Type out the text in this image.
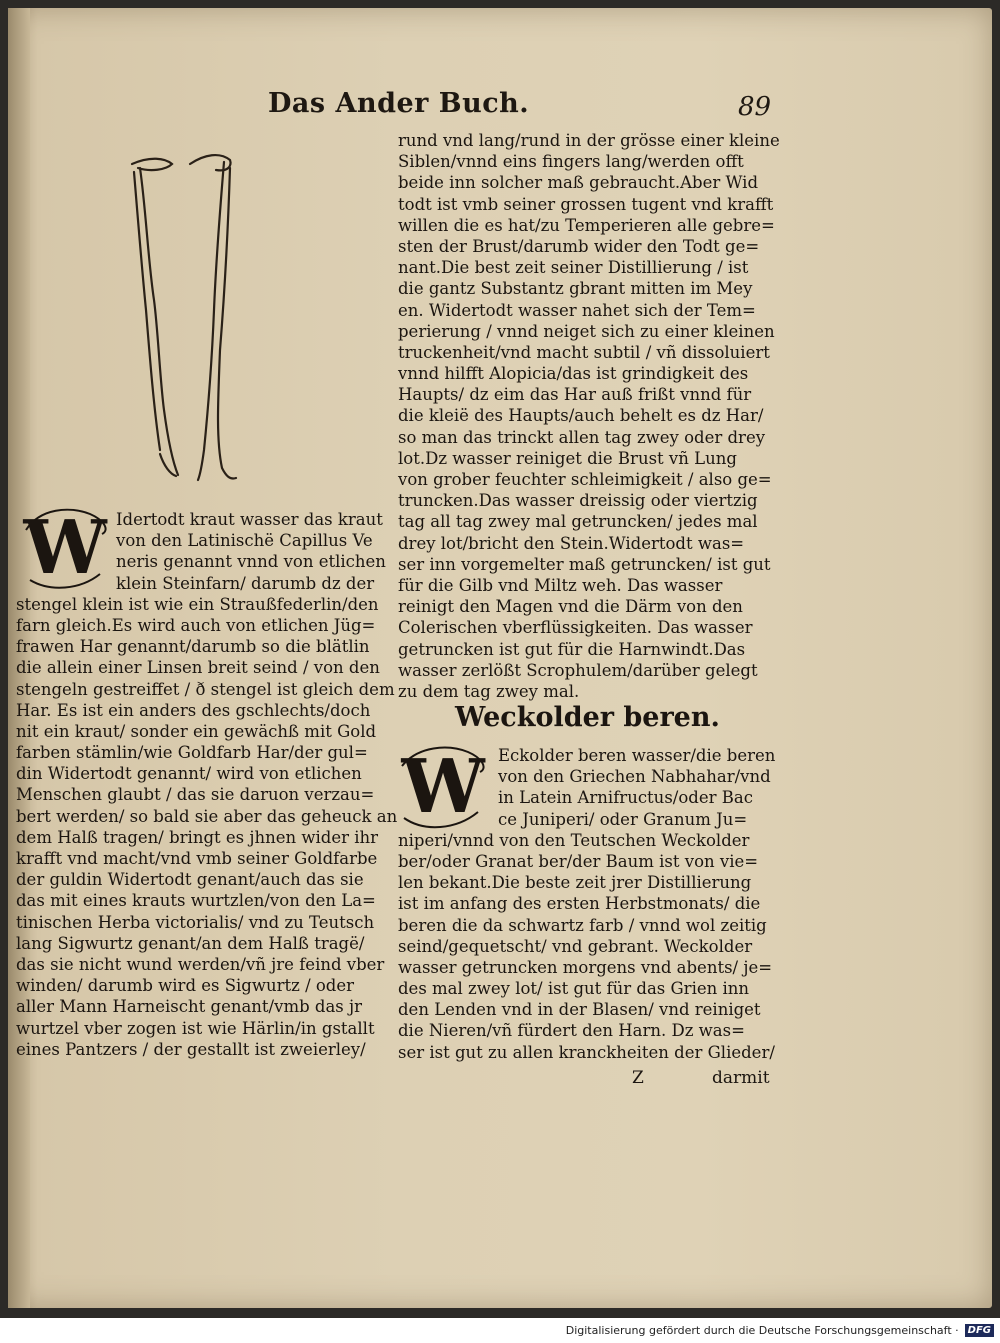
Das Ander Buch.	89
rund vnd lang/rund in der grösse einer kleine
Siblen/vnnd eins fingers lang/werden offt
beide inn solcher maß gebraucht.Aber Wid
todt ist vmb seiner grossen tugent vnd krafft
willen die es hat/zu Temperieren alle gebre=
sten der Brust/darumb wider den Todt ge=
nant.Die best zeit seiner Distillierung / ist
die gantz Substantz gbrant mitten im Mey
en. Widertodt wasser nahet sich der Tem=
perierung / vnnd neiget sich zu einer kleinen
truckenheit/vnd macht subtil / vñ dissoluiert
vnnd hilfft Alopicia/das ist grindigkeit des
Haupts/ dz eim das Har auß frißt vnnd für
die kleië des Haupts/auch behelt es dz Har/
so man das trinckt allen tag zwey oder drey
lot.Dz wasser reiniget die Brust vñ Lung
von grober feuchter schleimigkeit / also ge=
truncken.Das wasser dreissig oder viertzig
tag all tag zwey mal getruncken/ jedes mal
drey lot/bricht den Stein.Widertodt was=
ser inn vorgemelter maß getruncken/ ist gut
für die Gilb vnd Miltz weh. Das wasser
reinigt den Magen vnd die Därm von den
Colerischen vberflüssigkeiten. Das wasser
getruncken ist gut für die Harnwindt.Das
wasser zerlößt Scrophulem/darüber gelegt
zu dem tag zwey mal.
W Idertodt kraut wasser das kraut
von den Latinischë Capillus Ve
neris genannt vnnd von etlichen
klein Steinfarn/ darumb dz der
stengel klein ist wie ein Straußfederlin/den
farn gleich.Es wird auch von etlichen Jüg=
frawen Har genannt/darumb so die blätlin
die allein einer Linsen breit seind / von den
stengeln gestreiffet / ð stengel ist gleich dem
Har. Es ist ein anders des gschlechts/doch
nit ein kraut/ sonder ein gewächß mit Gold
farben stämlin/wie Goldfarb Har/der gul=
din Widertodt genannt/ wird von etlichen
Menschen glaubt / das sie daruon verzau=
bert werden/ so bald sie aber das geheuck an
dem Halß tragen/ bringt es jhnen wider ihr
krafft vnd macht/vnd vmb seiner Goldfarbe
der guldin Widertodt genant/auch das sie
das mit eines krauts wurtzlen/von den La=
tinischen Herba victorialis/ vnd zu Teutsch
lang Sigwurtz genant/an dem Halß tragë/
das sie nicht wund werden/vñ jre feind vber
winden/ darumb wird es Sigwurtz / oder
aller Mann Harneischt genant/vmb das jr
wurtzel vber zogen ist wie Härlin/in gstallt
eines Pantzers / der gestallt ist zweierley/
Weckolder beren.
W Eckolder beren wasser/die beren
von den Griechen Nabhahar/vnd
in Latein Arnifructus/oder Bac
ce Juniperi/ oder Granum Ju=
niperi/vnnd von den Teutschen Weckolder
ber/oder Granat ber/der Baum ist von vie=
len bekant.Die beste zeit jrer Distillierung
ist im anfang des ersten Herbstmonats/ die
beren die da schwartz farb / vnnd wol zeitig
seind/gequetscht/ vnd gebrant. Weckolder
wasser getruncken morgens vnd abents/ je=
des mal zwey lot/ ist gut für das Grien inn
den Lenden vnd in der Blasen/ vnd reiniget
die Nieren/vñ fürdert den Harn. Dz was=
ser ist gut zu allen kranckheiten der Glieder/
Z	darmit
Digitalisierung gefördert durch die Deutsche Forschungsgemeinschaft · DFG
